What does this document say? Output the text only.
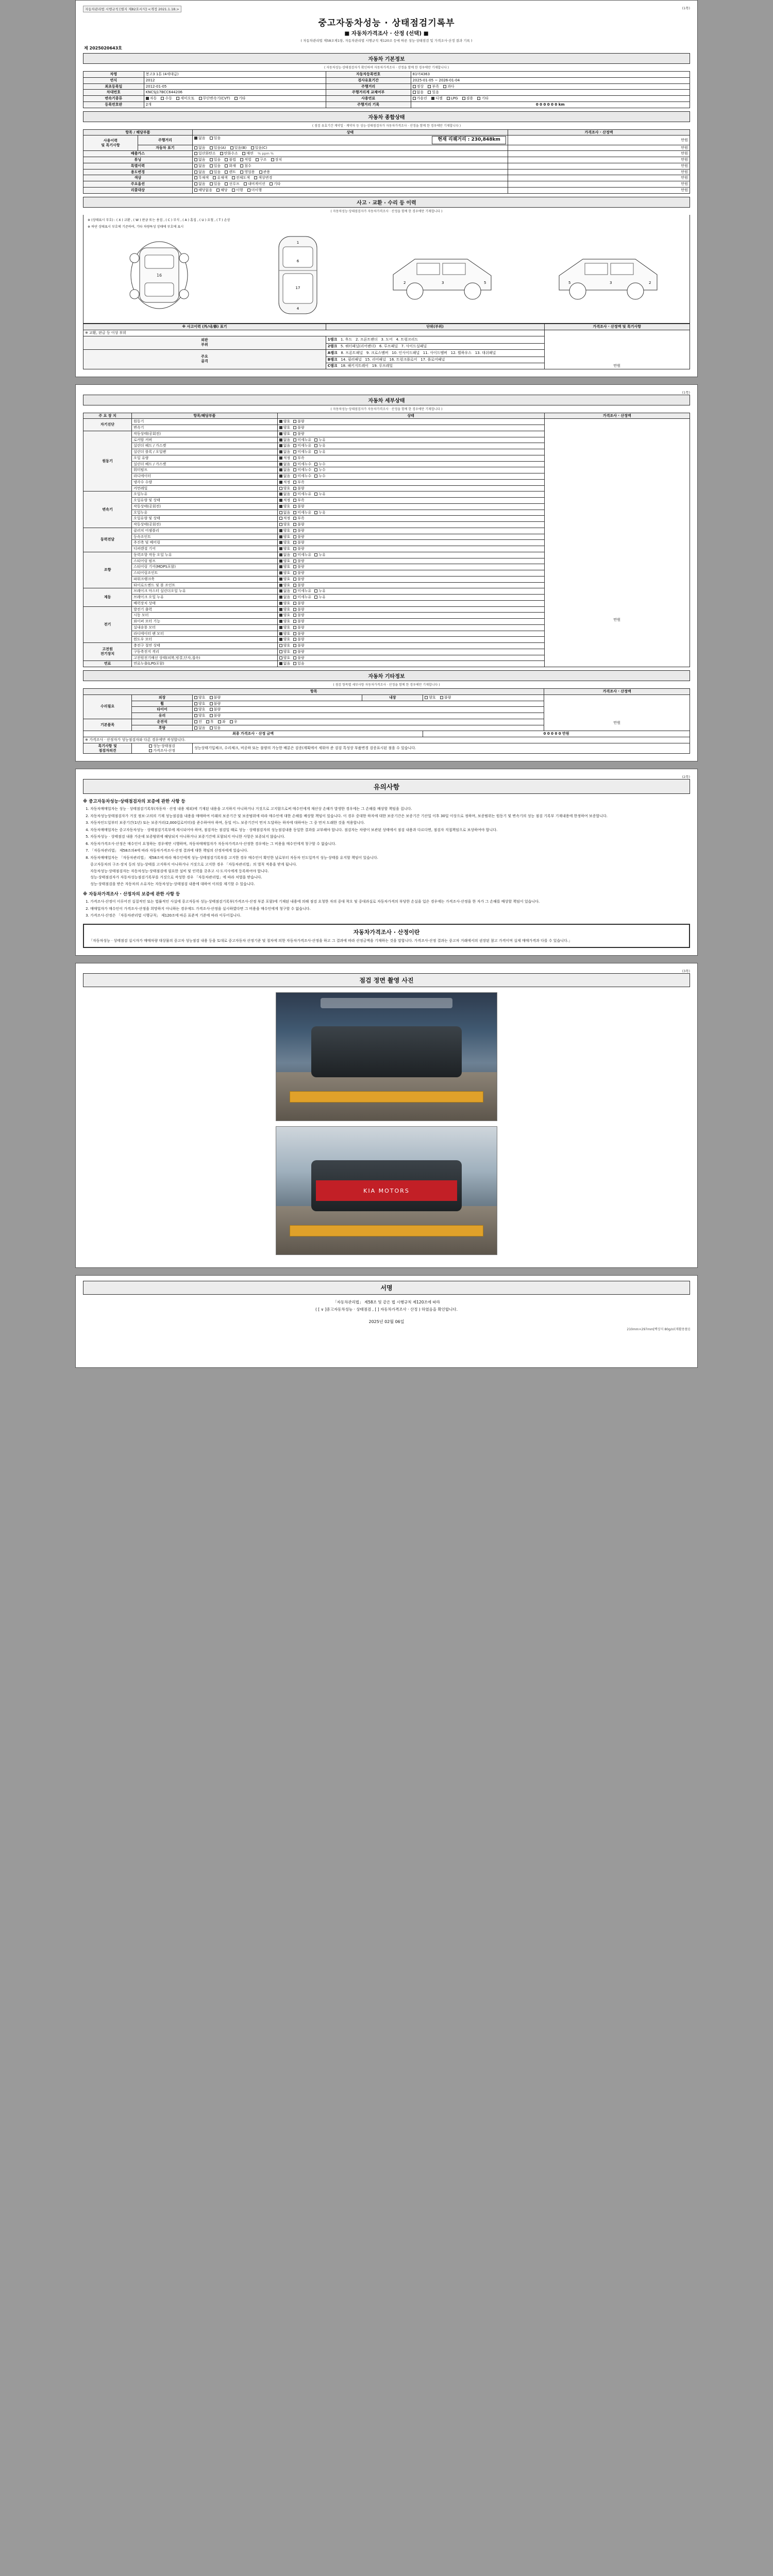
자동차관리법 시행규칙 [별지 제82호서식] <개정 2021.1.18.>	(1쪽)
중고자동차성능 · 상태점검기록부
■ 자동차가격조사 · 산정 (선택) ■
( 자동차관리법 제58조제1항, 자동차관리법 시행규칙 제120조 등에 따른 성능·상태점검 및 가격조사·산정 결과 기록 )
제 2025020643호
자동차 기본정보
( 자동차성능·상태점검자가 확인하여 자동차가격조사 · 산정을 함께 한 경우에만 기재합니다 )
차명	봉고3 1톤 (4세대급)	자동차등록번호	81머4363
연식	2012	검사유효기간	2025-01-05 ~ 2026-01-04
최초등록일	2012-01-05	주행거리	정상 부족 과다
차대번호	KNCSJ17BCC644206	주행거리계 교체여부	없음 있음
변속기종류	자동 수동 세미오토 무단변속기(CVT) 기타	사용연료	가솔린 디젤 LPG 겸용 기타
등록번호판	2개	주행거리 기록	0 0 0 0 0 0 km
자동차 종합상태
( 점검 유효기간 계약일 · 계약자 등 성능·상태점검자가 자동차가격조사 · 산정을 함께 한 경우에만 기재합니다 )
항목 / 해당부품		상태	가격조사 · 산정액
사용이력
및 특기사항	주행거리	없음 있음 현재 리퀘거리 : 230,848km	만원
	자동차 표기	없음 있음(A) 있음(B) 있음(C)	만원
배출가스		일산화탄소 탄화수소 매연 % ppm %	만원
튜닝		없음 있음 불법 적법 구조 장치	만원
특별이력		없음 있음 화재 침수	만원
용도변경		없음 있음 렌트 영업용 관용	만원
색상		무채색 유채색 전체도색 색상변경	만원
주요옵션		없음 있음 선루프 내비게이션 기타	만원
리콜대상		해당없음 해당 이행 미이행	만원
사고 · 교환 · 수리 등 이력
( 자동차성능·상태점검자가 자동차가격조사 · 산정을 함께 한 경우에만 기재합니다 )
※ (상태표시 부호) : ( X ) 교환 , ( W ) 판금 또는 용접 , ( C ) 부식 , ( A ) 흠집 , ( U ) 요철 , ( T ) 손상
※ 하단 상태표시 부호에 기준하여, 기타 차량특성 상태에 부호에 표시
16
1
6
17
4
2	3	5	5	3	2
※ 사고이력 (外/내/修) 표기	단위(부위)	가격조사 · 산정액 및 특기사항
※ 교환, 판금 등 이상 부위		만원
외판
부위	1랭크   1. 후드   2. 프론트팬더   3. 도어   4. 트렁크리드	
	2랭크   5. 쿼터패널(리어팬더)   6. 루프패널   7. 사이드실패널	
주요
골격	A랭크   8. 프론트패널   9. 크로스멤버   10. 인사이드패널   11. 사이드멤버   12. 휠하우스   13. 대쉬패널	
	B랭크   14. 필러패널   15. 리어패널   16. 트렁크플로어   17. 플로어패널	
	C랭크   18. 패키지트레이   19. 루프레일	
(1쪽)
자동차 세부상태
( 자동차성능·상태점검자가 자동차가격조사 · 산정을 함께 한 경우에만 기재합니다 )
주 요 장 치	항목/해당부품	상태	가격조사 · 산정액
자기진단	원동기	양호 불량	만원
	변속기	양호 불량	
원동기	작동상태(공회전)	양호 불량	
	로커암 커버	없음 미세누유 누유	
	실린더 헤드 / 가스켓	없음 미세누유 누유	
	실린더 블록 / 오일팬	없음 미세누유 누유	
	오일 유량	적정 부족	
	실린더 헤드 / 가스켓	없음 미세누수 누수	
	워터펌프	없음 미세누수 누수	
	라디에이터	없음 미세누수 누수	
	냉각수 수량	적정 부족	
	커먼레일	양호 불량	
변속기	오일누유	없음 미세누유 누유	
	오일유량 및 상태	적정 부족	
	작동상태(공회전)	양호 불량	
	오일누유	없음 미세누유 누유	
	오일유량 및 상태	적정 부족	
	작동상태(공회전)	양호 불량	
동력전달	클러치 어셈블리	양호 불량	
	등속조인트	양호 불량	
	추진축 및 베어링	양호 불량	
	디퍼렌셜 기어	양호 불량	
조향	동력조향 작동 오일 누유	없음 미세누유 누유	
	스티어링 펌프	양호 불량	
	스티어링 기어(MDPS포함)	양호 불량	
	스티어링조인트	양호 불량	
	파워크랭크축	양호 불량	
	타이로드엔드 및 볼 조인트	양호 불량	
제동	브레이크 마스터 실린더오일 누유	없음 미세누유 누유	
	브레이크 오일 누유	없음 미세누유 누유	
	배력장치 상태	양호 불량	
전기	발전기 출력	양호 불량	
	시동 모터	양호 불량	
	와이퍼 모터 기능	양호 불량	
	실내송풍 모터	양호 불량	
	라디에이터 팬 모터	양호 불량	
	윈도우 모터	양호 불량	
고전원
전기장치	충전구 절연 상태	양호 불량	
	구동축전지 격리	양호 불량	
	고전원전기배선 상태(피복,빙결,단자,접속)	양호 불량	
연료	연료누출(LPG포함)	없음 있음	
자동차 기타정보
( 점검 항목별 세부사항 자동차가격조사 · 산정을 함께 한 경우에만 기재합니다 )
항목					가격조사 · 산정액
수리필요	외장	양호 불량	내장	양호 불량	만원
	휠	양호 불량			
	타이어	양호 불량			
	유리	양호 불량			
기본품목	운전석	전 후 좌 우			
	후방	없음 있음			
최종 가격조사 · 산정 금액				0 0 0 0 0 만원	
※ 가격조사 · 산정자가 성능점검자와 다른 경우에만 작성합니다.					
특기사항 및
점검자의견	
성능·상태점검
가격조사·산정
	성능상태기입체크, 수리체크, 비공하 또는 불량의 가능한 배분은 검증(계획에서 세워야 준 검검 특성상 부품변경 검증표시된 점을 수 있습니다.
(2쪽)
유의사항
※ 중고자동차성능·상태점검자의 보증에 관한 사항 등
1. 자동차매매업자는 성능 · 상태점검기록부(자동차 · 산정 내용 제외)에 기재된 내용을 고지하지 아니하거나 거짓으로 고지함으로써 매수인에게 재산상 손해가 발생한 경우에는 그 손해를 배상할 책임을 집니다.
2. 자동차성능상태점검자가 거짓 정보·고의의 기재 성능점검을 내용을 매매하여 이래의 보증기간 및 보증범위에 따라 매수인에 대한 손해를 배상할 책임이 있습니다. 이 경우 중대한 하자에 대한 보증기간은 보증기간 기산일 이후 30일 이상으로 정하며, 보증범위는 원동기 및 변속기의 성능 점검 기록부 기재내용에 한정하여 보증합니다.
3. 자동차인도일부터 보증기간(1년) 또는 보증거리(2,000킬로미터)를 준수하여야 하며, 동일 어느 보증기간이 먼저 도달하는 하자에 대하여는 그 중 먼저 도래한 것을 적용합니다.
4. 자동차매매업자는 중고자동차성능 · 상태점검기록부에 제시되어야 하며, 점검자는 점검일 때로 성능 · 상태점검자의 성능점검내용 동일한 결과를 교부해야 합니다. 점검자는 차량이 보관된 상태에서 점검 내용과 다르다면, 점검자 직접책임으로 보상하여야 합니다.
5. 자동차성능 · 상태점검 내용 가운데 보증범위에 해당되지 아니하거나 보증기간에 포함되지 아니한 사항은 보증되지 않습니다.
6. 자동차가격조사·산정은 매수인이 요청하는 경우에만 시행하며, 자동차매매업자가 자동차가격조사·산정한 경우에는 그 비용을 매수인에게 청구할 수 없습니다.
7. 「자동차관리법」 제58조의4에 따라 자동차가격조사·산정 결과에 대한 책임의 산정자에게 있습니다.
8. 자동차매매업자는 「자동차관리법」 제58조에 따라 매수인에게 성능·상태점검기록부를 고지한 경우 매수인이 확인한 날로부터 자동차 인도일까지 성능·상태를 유지할 책임이 있습니다.
중고자동차의 구조·장치 등의 성능·상태를 고지하지 아니하거나 거짓으로 고지한 경우 「자동차관리법」의 벌칙 적용을 받게 됩니다.
자동차성능·상태점검자는 자동차성능·상태점검에 필요한 설비 및 인력을 갖추고 시·도지사에게 등록하여야 합니다.
성능·상태점검자가 자동차성능점검기록부를 거짓으로 작성한 경우 「자동차관리법」에 따라 처벌을 받습니다.
성능·상태점검을 받은 자동차의 소유자는 자동차성능·상태점검 내용에 대하여 이의를 제기할 수 있습니다.
※ 자동차가격조사 · 산정자의 보증에 관한 사항 등
1. 가격조사·산정이 이루어진 실질적인 또는 법률적인 사실에 중고자동차 성능·상태점검기록부(가격조사·산정 부분 포함)에 기재된 내용에 의해 점검 요청한 자의 중대 착오 및 중대과실로 자동차가격의 부당한 손실을 입은 경우에는 가격조사·산정을 한 자가 그 손해를 배상할 책임이 있습니다.
2. 매매업자가 매수인이 가격조사·산정을 희망하지 아니하는 경우에도 가격조사·산정을 실시하였다면 그 비용을 매수인에게 청구할 수 없습니다.
3. 가격조사·산정은 「자동차관리법 시행규칙」 제120조에 따른 표준적 기준에 따라 이루어집니다.
자동차가격조사 · 산정이란
「자동차성능 · 상태점검 실시자가 매매차량 대상물의 중고차 성능점검 내용 등을 토대로 중고자동차 산정기준 및 절차에 의한 자동차가격조사·산정을 하고 그 결과에 따라 산정금액을 기재하는 것을 말합니다. 가격조사·산정 결과는 중고차 거래에서의 권장된 참고 가격이며 실제 매매가격과 다를 수 있습니다.」
(3쪽)
점검 정면 촬영 사진
KIA MOTORS
서명
「자동차관리법」 제58조 및 같은 법 시행규칙 제120조에 따라
( [ ∨ ]중고자동차성능 · 상태점검 , [ ] 자동차가격조사 · 산정 ) 하였음을 확인합니다.
2025년 02월 06일
210mm×297mm[백상지 80g/㎡(재활용품)]
